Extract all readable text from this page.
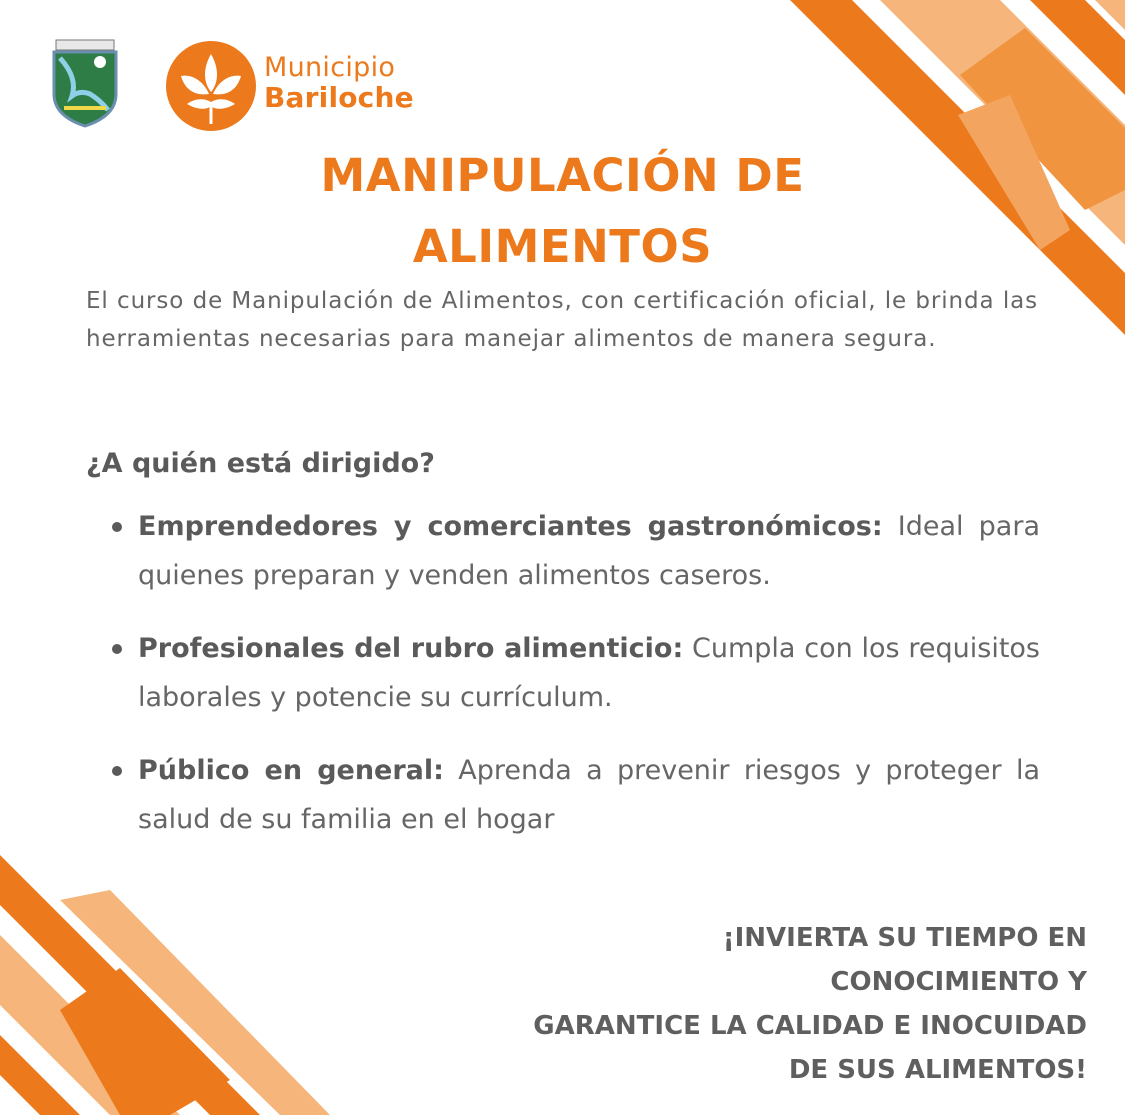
Municipio
Bariloche
MANIPULACIÓN DE
ALIMENTOS

El curso de Manipulación de Alimentos, con certificación oficial, le brinda las herramientas necesarias para manejar alimentos de manera segura.

¿A quién está dirigido?
Emprendedores y comerciantes gastronómicos: Ideal para quienes preparan y venden alimentos caseros.
Profesionales del rubro alimenticio: Cumpla con los requisitos laborales y potencie su currículum.
Público en general: Aprenda a prevenir riesgos y proteger la salud de su familia en el hogar
¡INVIERTA SU TIEMPO EN
CONOCIMIENTO Y
GARANTICE LA CALIDAD E INOCUIDAD
DE SUS ALIMENTOS!
